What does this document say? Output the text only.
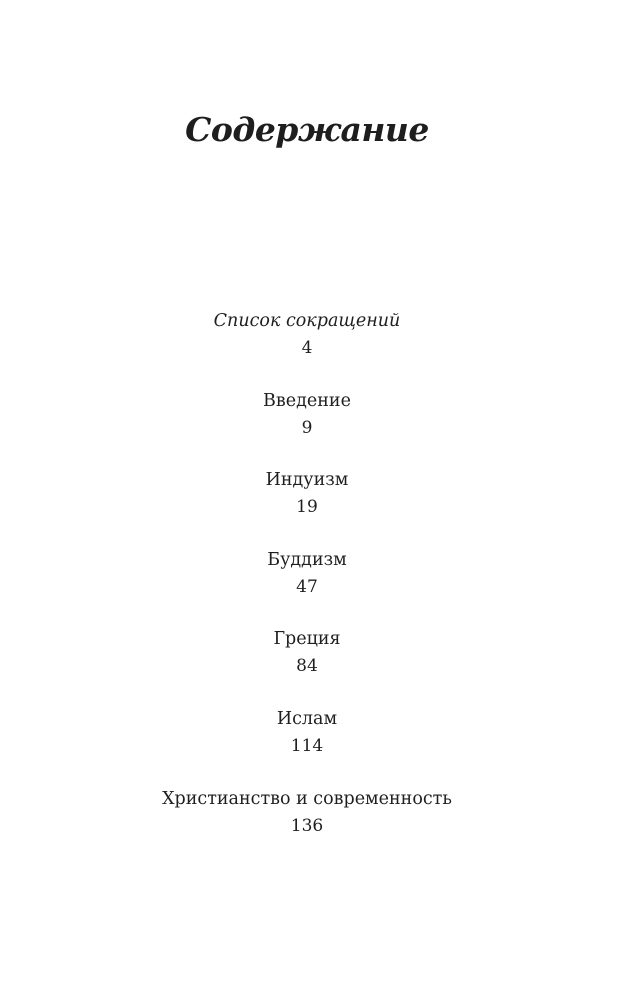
Содержание
Список сокращений
4
Введение
9
Индуизм
19
Буддизм
47
Греция
84
Ислам
114
Христианство и современность
136
